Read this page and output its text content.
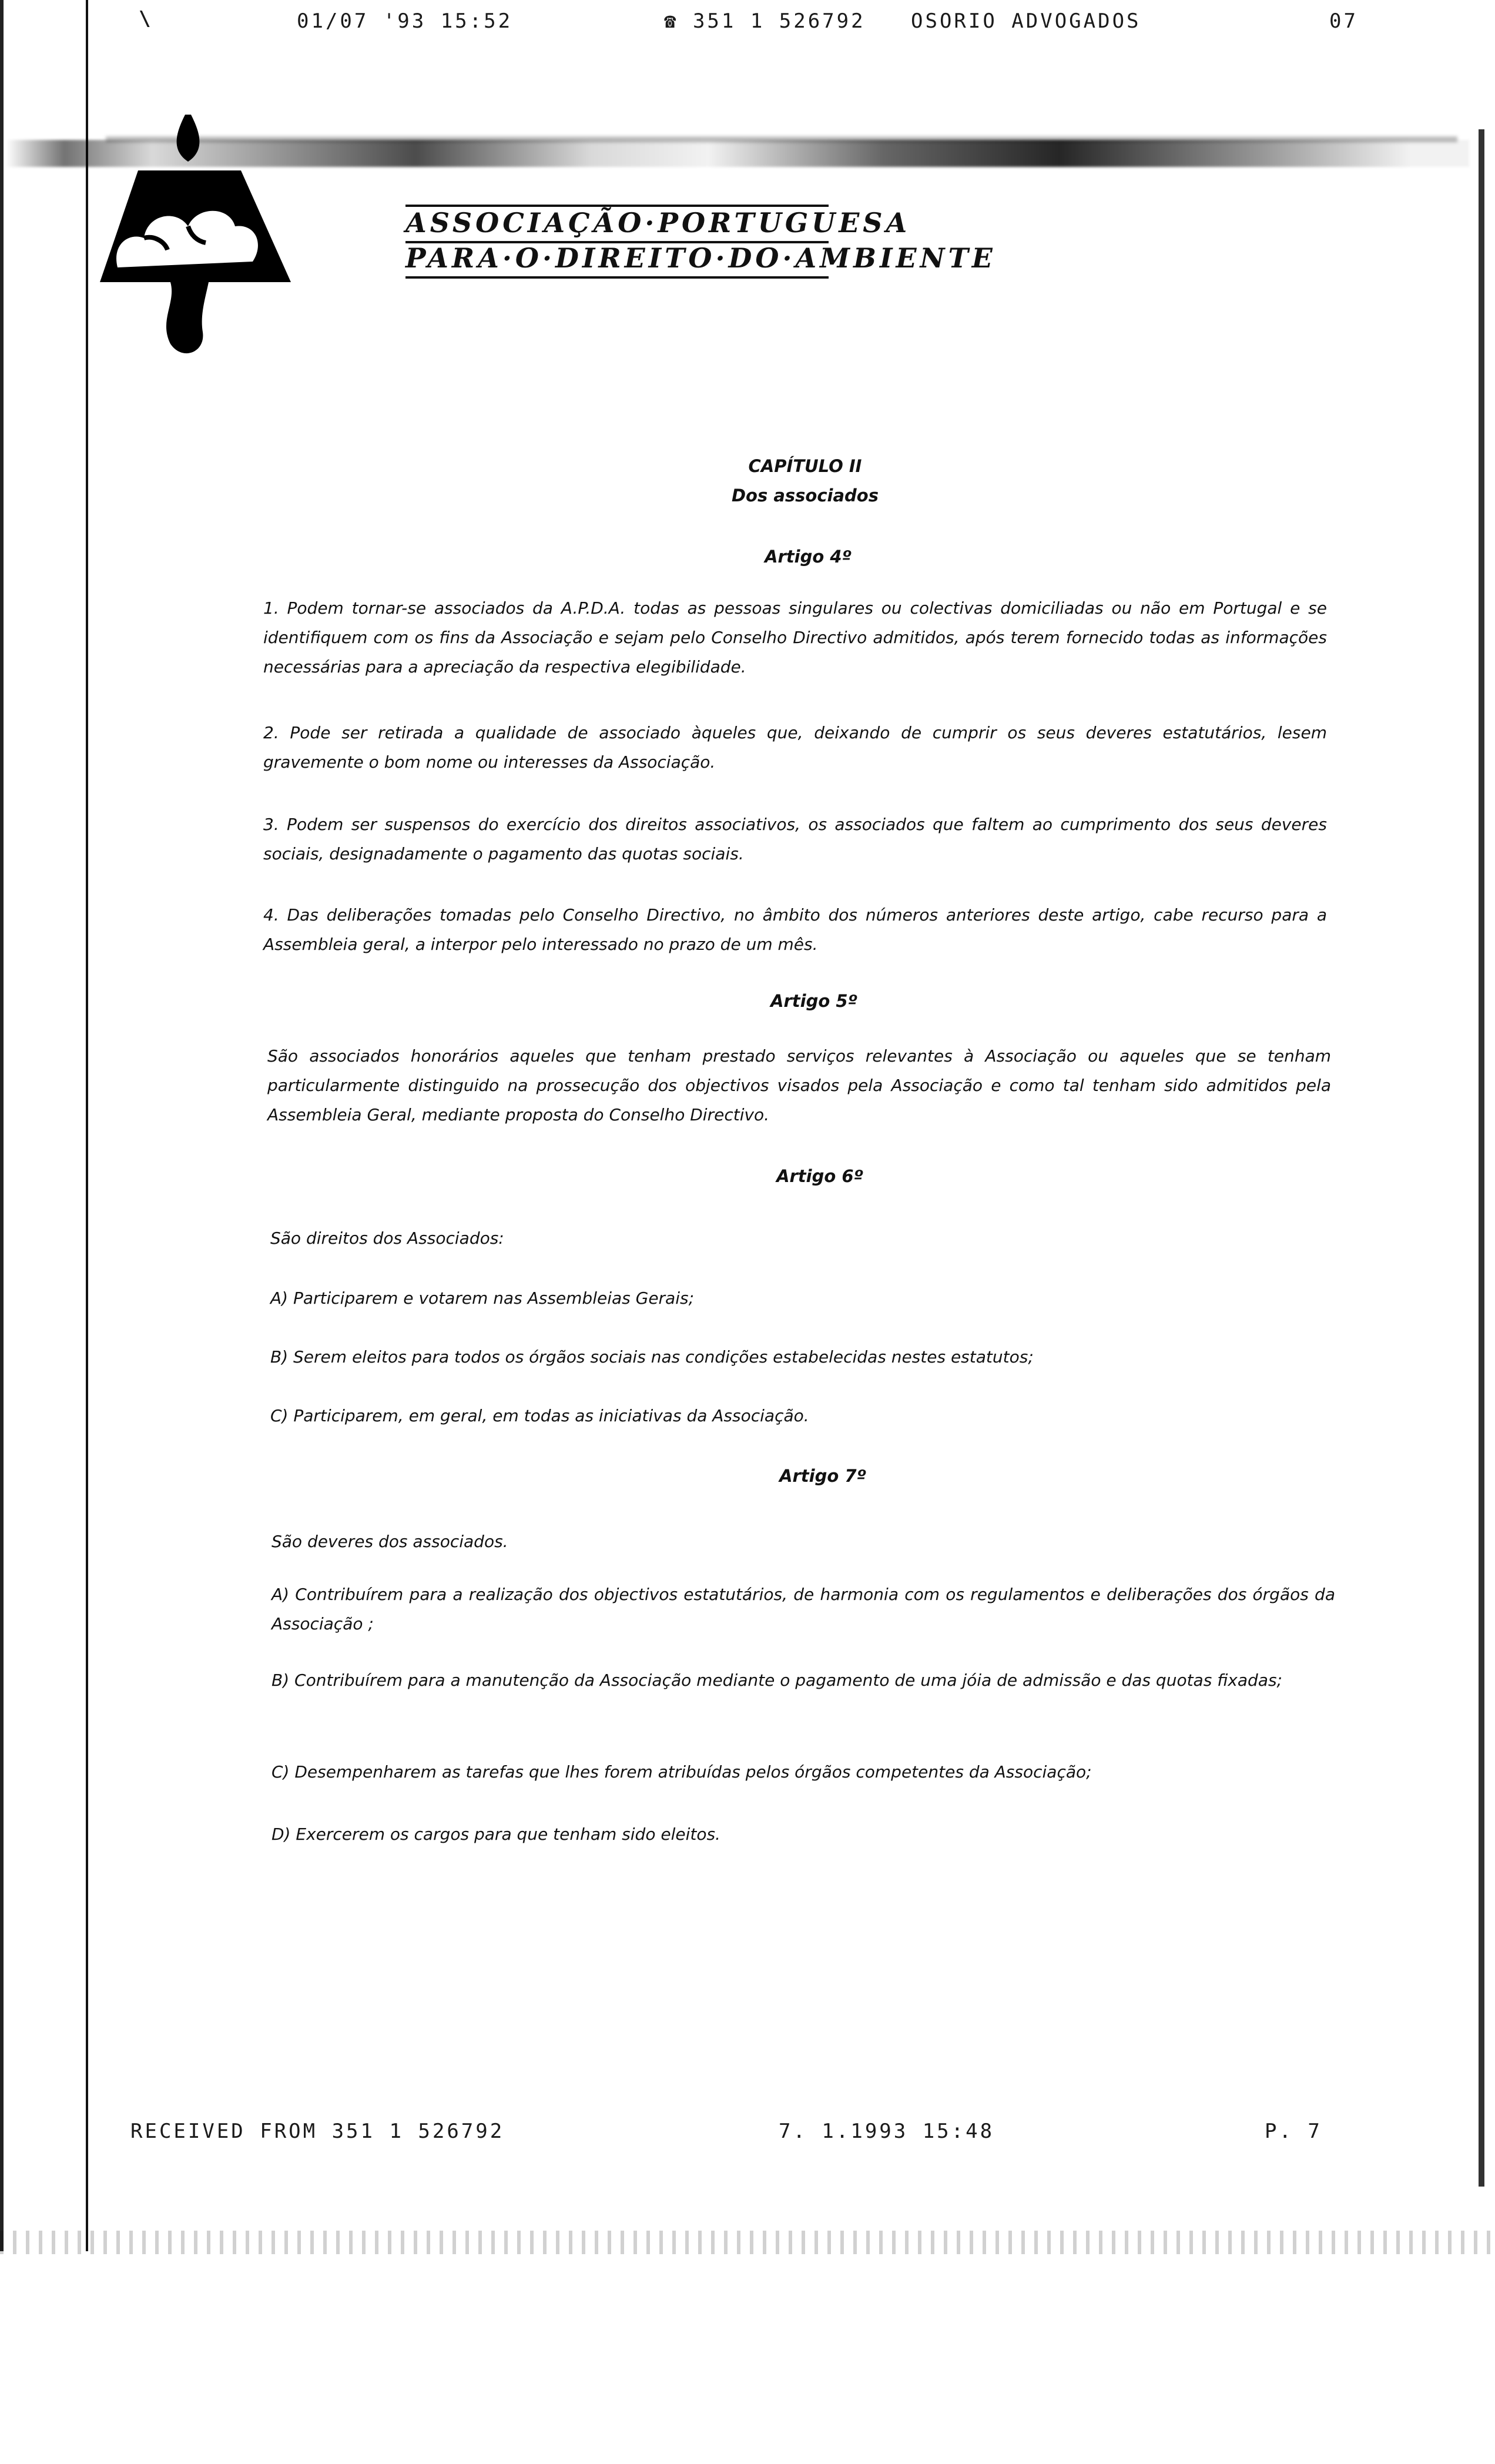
\	01/07 '93 15:52	☎ 351 1 526792 OSORIO ADVOGADOS	07
ASSOCIAÇÃO·PORTUGUESA
PARA·O·DIREITO·DO·AMBIENTE
CAPÍTULO II
Dos associados
Artigo 4º
1. Podem tornar-se associados da A.P.D.A. todas as pessoas singulares ou colectivas domiciliadas ou não em Portugal e se identifiquem com os fins da Associação e sejam pelo Conselho Directivo admitidos, após terem fornecido todas as informações necessárias para a apreciação da respectiva elegibilidade.
2. Pode ser retirada a qualidade de associado àqueles que, deixando de cumprir os seus deveres estatutários, lesem gravemente o bom nome ou interesses da Associação.
3. Podem ser suspensos do exercício dos direitos associativos, os associados que faltem ao cumprimento dos seus deveres sociais, designadamente o pagamento das quotas sociais.
4. Das deliberações tomadas pelo Conselho Directivo, no âmbito dos números anteriores deste artigo, cabe recurso para a Assembleia geral, a interpor pelo interessado no prazo de um mês.
Artigo 5º
São associados honorários aqueles que tenham prestado serviços relevantes à Associação ou aqueles que se tenham particularmente distinguido na prossecução dos objectivos visados pela Associação e como tal tenham sido admitidos pela Assembleia Geral, mediante proposta do Conselho Directivo.
Artigo 6º
São direitos dos Associados:
A) Participarem e votarem nas Assembleias Gerais;
B) Serem eleitos para todos os órgãos sociais nas condições estabelecidas nestes estatutos;
C) Participarem, em geral, em todas as iniciativas da Associação.
Artigo 7º
São deveres dos associados.
A) Contribuírem para a realização dos objectivos estatutários, de harmonia com os regulamentos e deliberações dos órgãos da Associação ;
B) Contribuírem para a manutenção da Associação mediante o pagamento de uma jóia de admissão e das quotas fixadas;
C) Desempenharem as tarefas que lhes forem atribuídas pelos órgãos competentes da Associação;
D) Exercerem os cargos para que tenham sido eleitos.
RECEIVED FROM 351 1 526792	7. 1.1993 15:48	P. 7
